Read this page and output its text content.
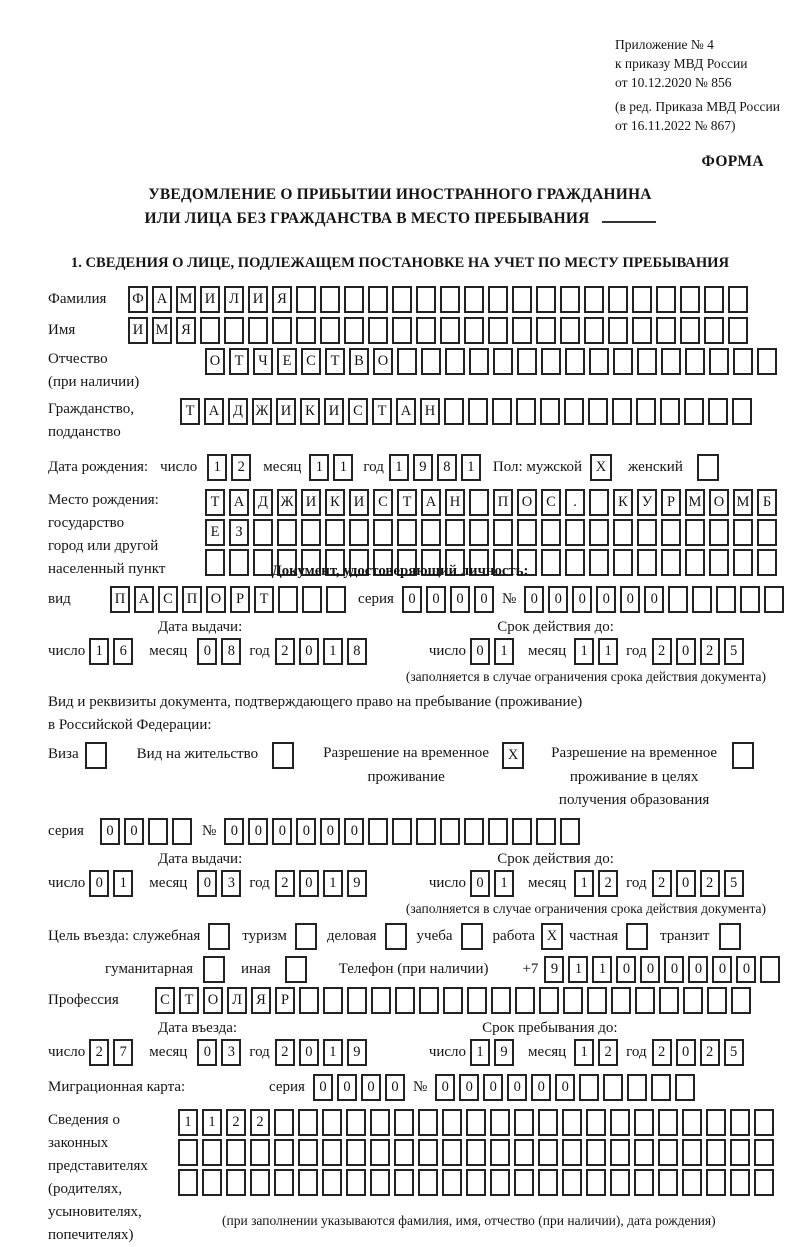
Приложение № 4
к приказу МВД России
от 10.12.2020 № 856
(в ред. Приказа МВД России
от 16.11.2022 № 867)
ФОРМА
УВЕДОМЛЕНИЕ О ПРИБЫТИИ ИНОСТРАННОГО ГРАЖДАНИНА
ИЛИ ЛИЦА БЕЗ ГРАЖДАНСТВА В МЕСТО ПРЕБЫВАНИЯ
1. СВЕДЕНИЯ О ЛИЦЕ, ПОДЛЕЖАЩЕМ ПОСТАНОВКЕ НА УЧЕТ ПО МЕСТУ ПРЕБЫВАНИЯ
Фамилия	Ф А М И Л И Я
Имя	И М Я
Отчество
(при наличии)
О Т	Ч	Е	С	Т	В О
Гражданство,
подданство
Т А Д Ж И К И С	Т А Н
Дата рождения: число	1	2	месяц 1	1	год 1	9	8	1	Пол: мужской X	женский
Место рождения:
государство
город или другой
населенный пункт
Т А Д Ж И К И С	Т А Н	П О С	.	К У	Р М О М Б
Е	З
Документ, удостоверяющий личность:
вид	П А С П О	Р	Т	серия 0	0	0	0 № 0	0	0	0	0	0
Дата выдачи:	Срок действия до:
число 1	6	месяц	0	8 год 2	0	1	8	число 0	1	месяц 1	1 год 2	0	2	5
(заполняется в случае ограничения срока действия документа)
Вид и реквизиты документа, подтверждающего право на пребывание (проживание)
в Российской Федерации:
Виза	Вид на жительство	Разрешение на временное
проживание
X	Разрешение на временное
проживание в целях
получения образования
серия	0	0	№ 0	0	0	0	0	0
Дата выдачи:	Срок действия до:
число 0	1	месяц	0	3 год 2	0	1	9	число 0	1	месяц 1	2 год 2	0	2	5
(заполняется в случае ограничения срока действия документа)
Цель въезда: служебная	туризм	деловая	учеба	работа X частная	транзит
гуманитарная	иная	Телефон (при наличии) +7 9	1	1	0	0	0	0	0	0
Профессия	С	Т О Л Я	Р
Дата въезда:	Срок пребывания до:
число 2	7	месяц	0	3 год 2	0	1	9	число 1	9	месяц 1	2 год 2	0	2	5
Миграционная карта:	серия 0	0	0	0 № 0	0	0	0	0	0
Сведения о
законных
представителях
(родителях,
усыновителях,
попечителях)
1	1	2	2
(при заполнении указываются фамилия, имя, отчество (при наличии), дата рождения)
